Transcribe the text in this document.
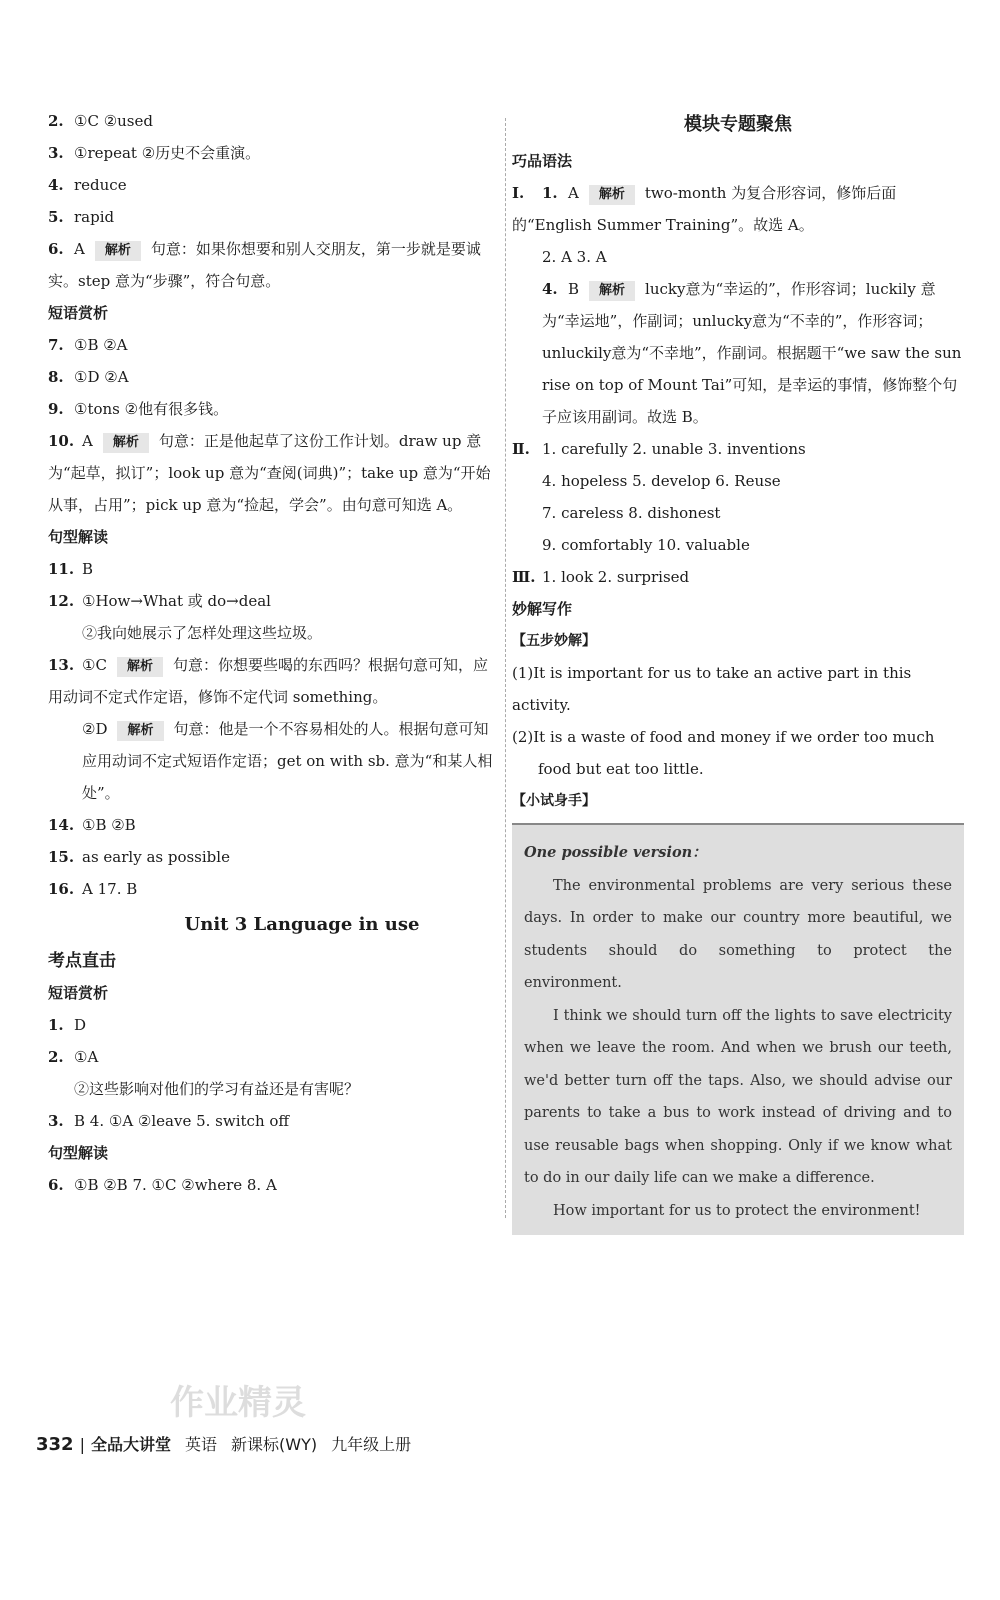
2. ①C ②used
3. ①repeat ②历史不会重演。
4. reduce
5. rapid
6. A 解析 句意：如果你想要和别人交朋友，第一步就是要诚实。step 意为“步骤”，符合句意。
短语赏析
7. ①B ②A
8. ①D ②A
9. ①tons ②他有很多钱。
10. A 解析 句意：正是他起草了这份工作计划。draw up 意为“起草，拟订”；look up 意为“查阅(词典)”；take up 意为“开始从事，占用”；pick up 意为“捡起，学会”。由句意可知选 A。
句型解读
11. B
12. ①How→What 或 do→deal
②我向她展示了怎样处理这些垃圾。
13. ①C 解析 句意：你想要些喝的东西吗？根据句意可知，应用动词不定式作定语，修饰不定代词 something。
②D 解析 句意：他是一个不容易相处的人。根据句意可知应用动词不定式短语作定语；get on with sb. 意为“和某人相处”。
14. ①B ②B
15. as early as possible
16. A 17. B
Unit 3 Language in use
考点直击
短语赏析
1. D
2. ①A
②这些影响对他们的学习有益还是有害呢？
3. B 4. ①A ②leave 5. switch off
句型解读
6. ①B ②B 7. ①C ②where 8. A
模块专题聚焦
巧品语法
Ⅰ. 1. A 解析 two-month 为复合形容词，修饰后面的“English Summer Training”。故选 A。
2. A 3. A
4. B 解析 lucky意为“幸运的”，作形容词；luckily 意为“幸运地”，作副词；unlucky意为“不幸的”，作形容词；unluckily意为“不幸地”，作副词。根据题干“we saw the sun rise on top of Mount Tai”可知，是幸运的事情，修饰整个句子应该用副词。故选 B。
Ⅱ. 1. carefully 2. unable 3. inventions
4. hopeless 5. develop 6. Reuse
7. careless 8. dishonest
9. comfortably 10. valuable
Ⅲ. 1. look 2. surprised
妙解写作
【五步妙解】
(1)It is important for us to take an active part in this activity.
(2)It is a waste of food and money if we order too much food but eat too little.
【小试身手】
One possible version：

The environmental problems are very serious these days. In order to make our country more beautiful, we students should do something to protect the environment.

I think we should turn off the lights to save electricity when we leave the room. And when we brush our teeth, we'd better turn off the taps. Also, we should advise our parents to take a bus to work instead of driving and to use reusable bags when shopping. Only if we know what to do in our daily life can we make a difference.

How important for us to protect the environment!

作业精灵
332 | 全品大讲堂 英语 新课标(WY) 九年级上册
